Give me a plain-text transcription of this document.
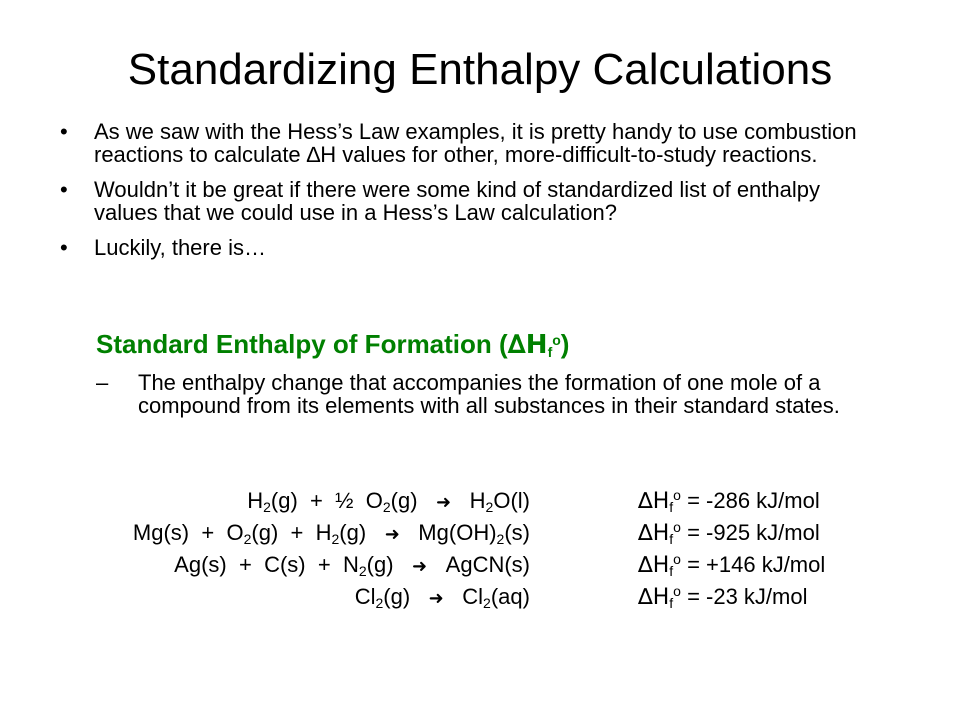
Standardizing Enthalpy Calculations
• As we saw with the Hess’s Law examples, it is pretty handy to use combustion reactions to calculate ∆H values for other, more-difficult-to-study reactions.
• Wouldn’t it be great if there were some kind of standardized list of enthalpy values that we could use in a Hess’s Law calculation?
• Luckily, there is…
Standard Enthalpy of Formation $(\Delta H_f^o)$
–	The enthalpy change that accompanies the formation of one mole of a compound from its elements with all substances in their standard states.
$H_2(g)$ + ½ $O_2(g)$   ➜   $H_2O(l)$	$\Delta H_f^o = -286$ kJ/mol
$Mg(s) + O_2(g) + H_2(g)$   ➜   $Mg(OH)_2(s)$	$\Delta H_f^o = -925$ kJ/mol
$Ag(s) + C(s) + N_2(g)$   ➜   AgCN(s)	$\Delta H_f^o = +146$ kJ/mol
$Cl_2(g)$   ➜   $Cl_2(aq)$	$\Delta H_f^o = -23$ kJ/mol
